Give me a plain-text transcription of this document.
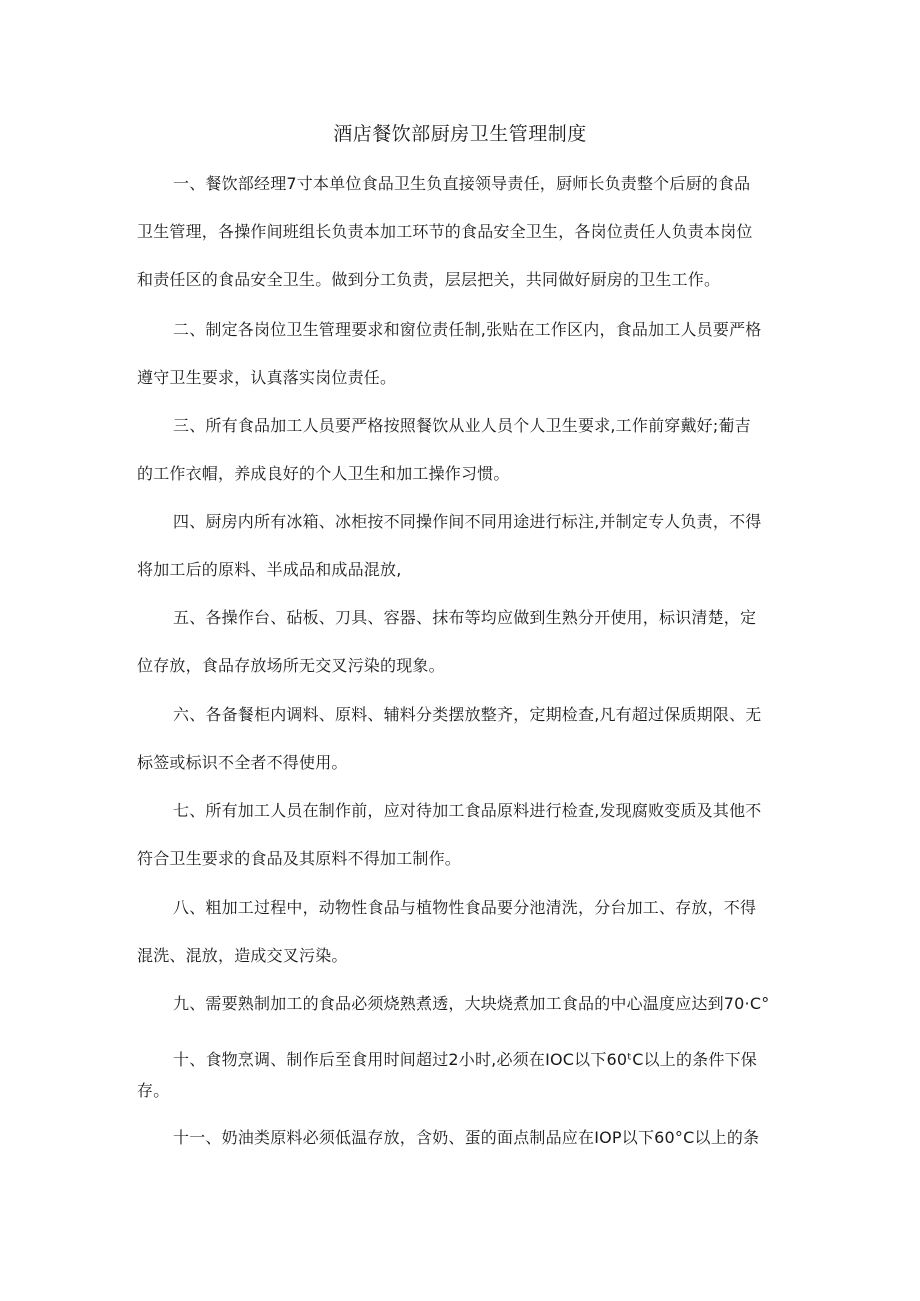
酒店餐饮部厨房卫生管理制度
一、餐饮部经理7寸本单位食品卫生负直接领导责任，厨师长负责整个后厨的食品
卫生管理，各操作间班组长负责本加工环节的食品安全卫生，各岗位责任人负责本岗位
和责任区的食品安全卫生。做到分工负责，层层把关，共同做好厨房的卫生工作。
二、制定各岗位卫生管理要求和窗位责任制,张贴在工作区内，食品加工人员要严格
遵守卫生要求，认真落实岗位责任。
三、所有食品加工人员要严格按照餐饮从业人员个人卫生要求,工作前穿戴好;葡吉
的工作衣帽，养成良好的个人卫生和加工操作习惯。
四、厨房内所有冰箱、冰柜按不同操作间不同用途进行标注,并制定专人负责，不得
将加工后的原料、半成品和成品混放,
五、各操作台、砧板、刀具、容器、抹布等均应做到生熟分开使用，标识清楚，定
位存放，食品存放场所无交叉污染的现象。
六、各备餐柜内调料、原料、辅料分类摆放整齐，定期检查,凡有超过保质期限、无
标签或标识不全者不得使用。
七、所有加工人员在制作前，应对待加工食品原料进行检查,发现腐败变质及其他不
符合卫生要求的食品及其原料不得加工制作。
八、粗加工过程中，动物性食品与植物性食品要分池清洗，分台加工、存放，不得
混洗、混放，造成交叉污染。
九、需要熟制加工的食品必须烧熟煮透，大块烧煮加工食品的中心温度应达到70·C°
十、食物烹调、制作后至食用时间超过2小时,必须在IOC以下60ᵗC以上的条件下保
存。
十一、奶油类原料必须低温存放，含奶、蛋的面点制品应在IOP以下60°C以上的条
